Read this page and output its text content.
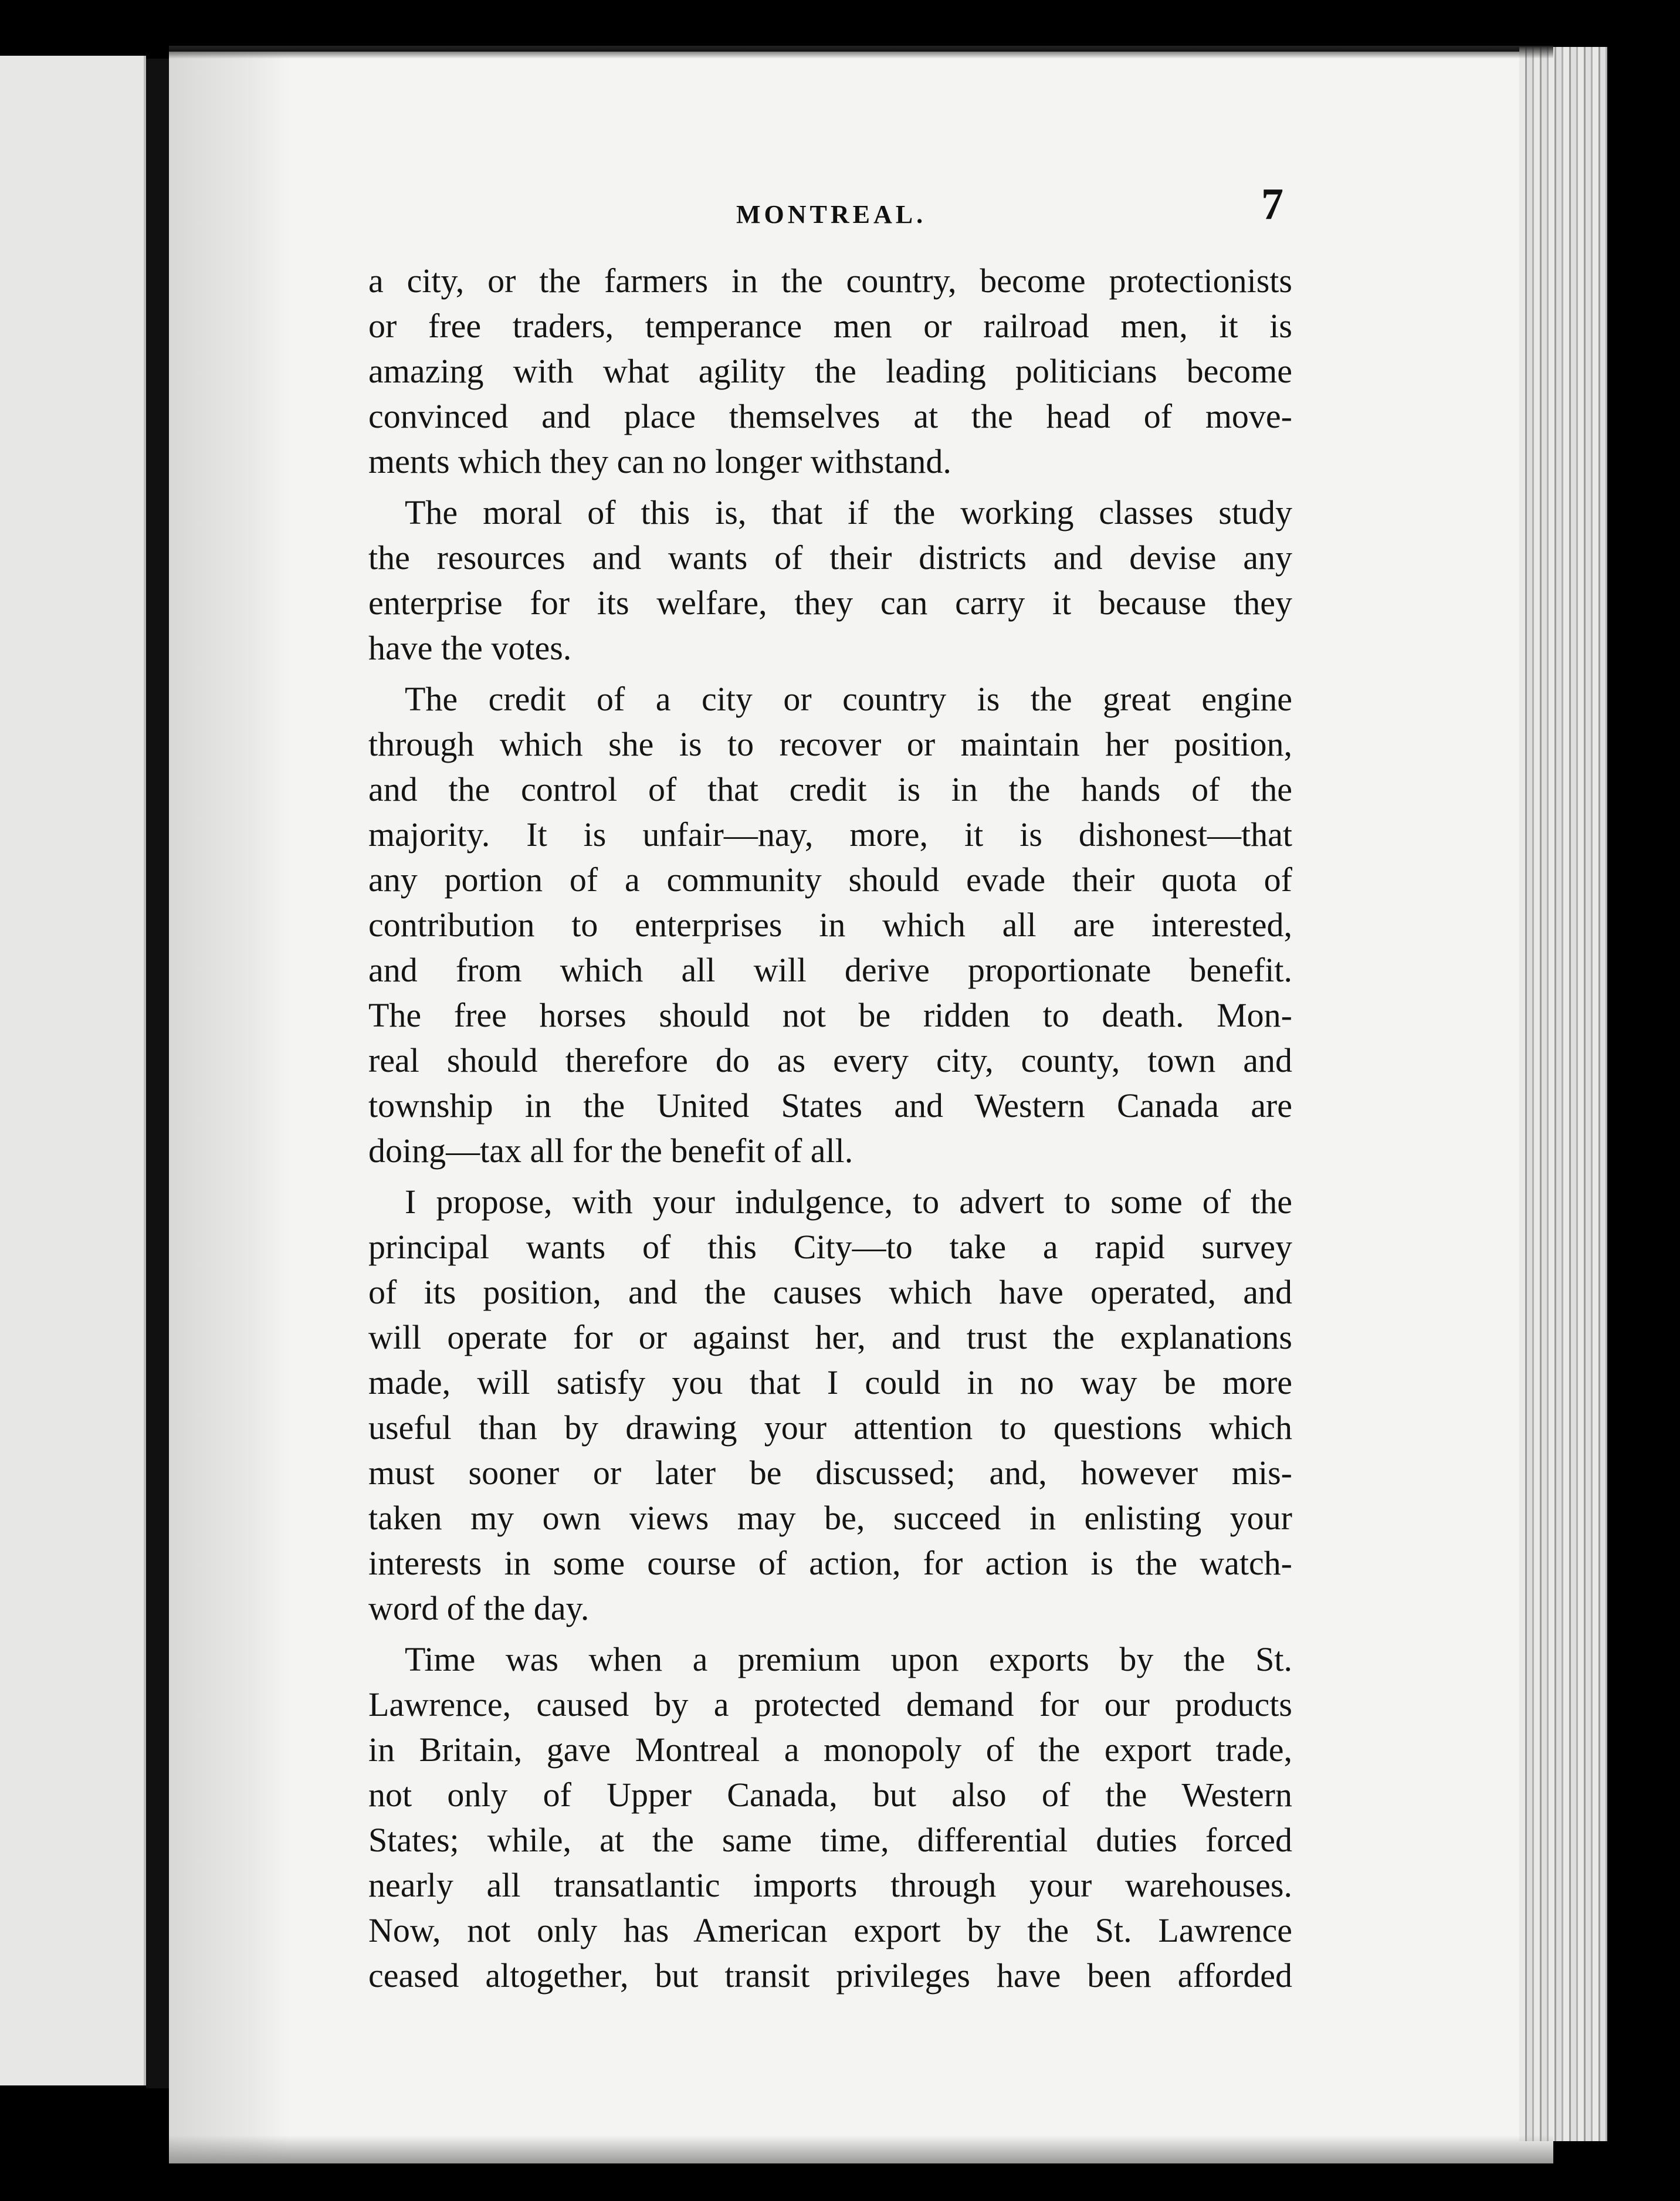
MONTREAL.	7
a city, or the farmers in the country, become protectionists
or free traders, temperance men or railroad men, it is
amazing with what agility the leading politicians become
convinced and place themselves at the head of move-
ments which they can no longer withstand.
The moral of this is, that if the working classes study
the resources and wants of their districts and devise any
enterprise for its welfare, they can carry it because they
have the votes.
The credit of a city or country is the great engine
through which she is to recover or maintain her position,
and the control of that credit is in the hands of the
majority. It is unfair—nay, more, it is dishonest—that
any portion of a community should evade their quota of
contribution to enterprises in which all are interested,
and from which all will derive proportionate benefit.
The free horses should not be ridden to death. Mon-
real should therefore do as every city, county, town and
township in the United States and Western Canada are
doing—tax all for the benefit of all.
I propose, with your indulgence, to advert to some of the
principal wants of this City—to take a rapid survey
of its position, and the causes which have operated, and
will operate for or against her, and trust the explanations
made, will satisfy you that I could in no way be more
useful than by drawing your attention to questions which
must sooner or later be discussed; and, however mis-
taken my own views may be, succeed in enlisting your
interests in some course of action, for action is the watch-
word of the day.
Time was when a premium upon exports by the St.
Lawrence, caused by a protected demand for our products
in Britain, gave Montreal a monopoly of the export trade,
not only of Upper Canada, but also of the Western
States; while, at the same time, differential duties forced
nearly all transatlantic imports through your warehouses.
Now, not only has American export by the St. Lawrence
ceased altogether, but transit privileges have been afforded
